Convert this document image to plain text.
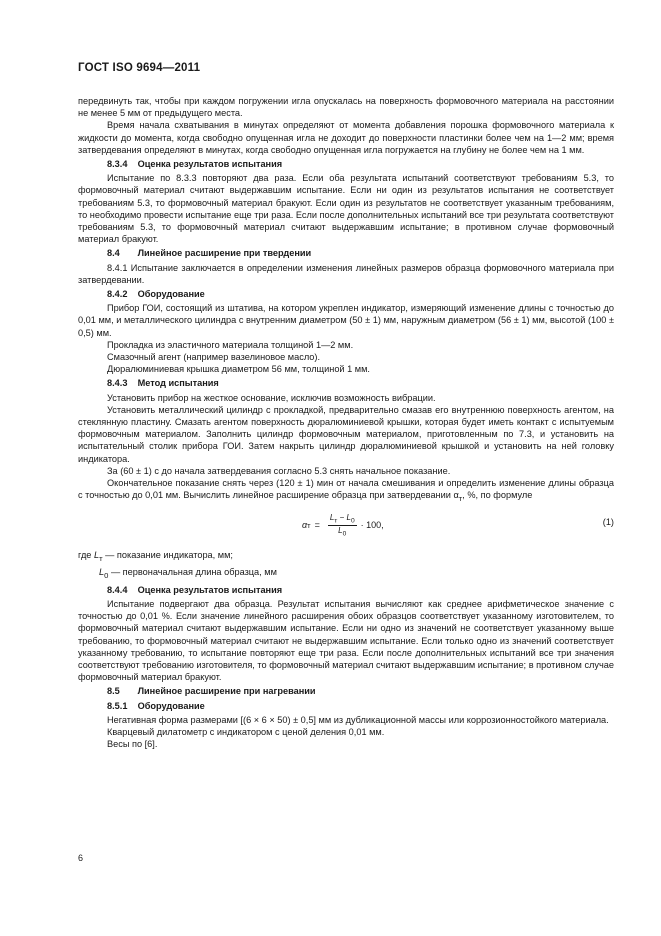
ГОСТ ISO 9694—2011

передвинуть так, чтобы при каждом погружении игла опускалась на поверхность формовочного материала на расстоянии не менее 5 мм от предыдущего места.

Время начала схватывания в минутах определяют от момента добавления порошка формовочного материала к жидкости до момента, когда свободно опущенная игла не доходит до поверхности пластинки более чем на 1—2 мм; время затвердевания определяют в минутах, когда свободно опущенная игла погружается на глубину не более чем на 1 мм.

8.3.4 Оценка результатов испытания

Испытание по 8.3.3 повторяют два раза. Если оба результата испытаний соответствуют требованиям 5.3, то формовочный материал считают выдержавшим испытание. Если ни один из результатов испытания не соответствует требованиям 5.3, то формовочный материал бракуют. Если один из результатов не соответствует указанным требованиям, то необходимо провести испытание еще три раза. Если после дополнительных испытаний все три результата соответствуют требованиям 5.3, то формовочный материал считают выдержавшим испытание; в противном случае формовочный материал бракуют.

8.4 Линейное расширение при твердении

8.4.1 Испытание заключается в определении изменения линейных размеров образца формовочного материала при затвердевании.

8.4.2 Оборудование

Прибор ГОИ, состоящий из штатива, на котором укреплен индикатор, измеряющий изменение длины с точностью до 0,01 мм, и металлического цилиндра с внутренним диаметром (50 ± 1) мм, наружным диаметром (56 ± 1) мм, высотой (100 ± 0,5) мм.

Прокладка из эластичного материала толщиной 1—2 мм.

Смазочный агент (например вазелиновое масло).

Дюралюминиевая крышка диаметром 56 мм, толщиной 1 мм.

8.4.3 Метод испытания

Установить прибор на жесткое основание, исключив возможность вибрации.

Установить металлический цилиндр с прокладкой, предварительно смазав его внутреннюю поверхность агентом, на стеклянную пластину. Смазать агентом поверхность дюралюминиевой крышки, которая будет иметь контакт с испытуемым формовочным материалом. Заполнить цилиндр формовочным материалом, приготовленным по 7.3, и установить на испытательный столик прибора ГОИ. Затем накрыть цилиндр дюралюминиевой крышкой и установить на ней головку индикатора.

За (60 ± 1) с до начала затвердевания согласно 5.3 снять начальное показание.

Окончательное показание снять через (120 ± 1) мин от начала смешивания и определить изменение длины образца с точностью до 0,01 мм. Вычислить линейное расширение образца при затвердевании $\alpha_т$, %, по формуле

α $т = \frac{L_т - L_0}{L_0} \cdot 100$,	(1)
где $L_т$ — показание индикатора, мм;
$L_0$ — первоначальная длина образца, мм
8.4.4 Оценка результатов испытания

Испытание подвергают два образца. Результат испытания вычисляют как среднее арифметическое значение с точностью до 0,01 %. Если значение линейного расширения обоих образцов соответствует указанному изготовителем, то формовочный материал считают выдержавшим испытание. Если ни одно из значений не соответствует указанному выше требованию, то формовочный материал считают не выдержавшим испытание. Если только одно из значений соответствует указанному требованию, то испытание повторяют еще три раза. Если после дополнительных испытаний все три значения соответствуют требованию изготовителя, то формовочный материал считают выдержавшим испытание; в противном случае формовочный материал бракуют.

8.5 Линейное расширение при нагревании
8.5.1 Оборудование

Негативная форма размерами [(6 × 6 × 50) ± 0,5] мм из дубликационной массы или коррозионностойкого материала.

Кварцевый дилатометр с индикатором с ценой деления 0,01 мм.

Весы по [6].

6
